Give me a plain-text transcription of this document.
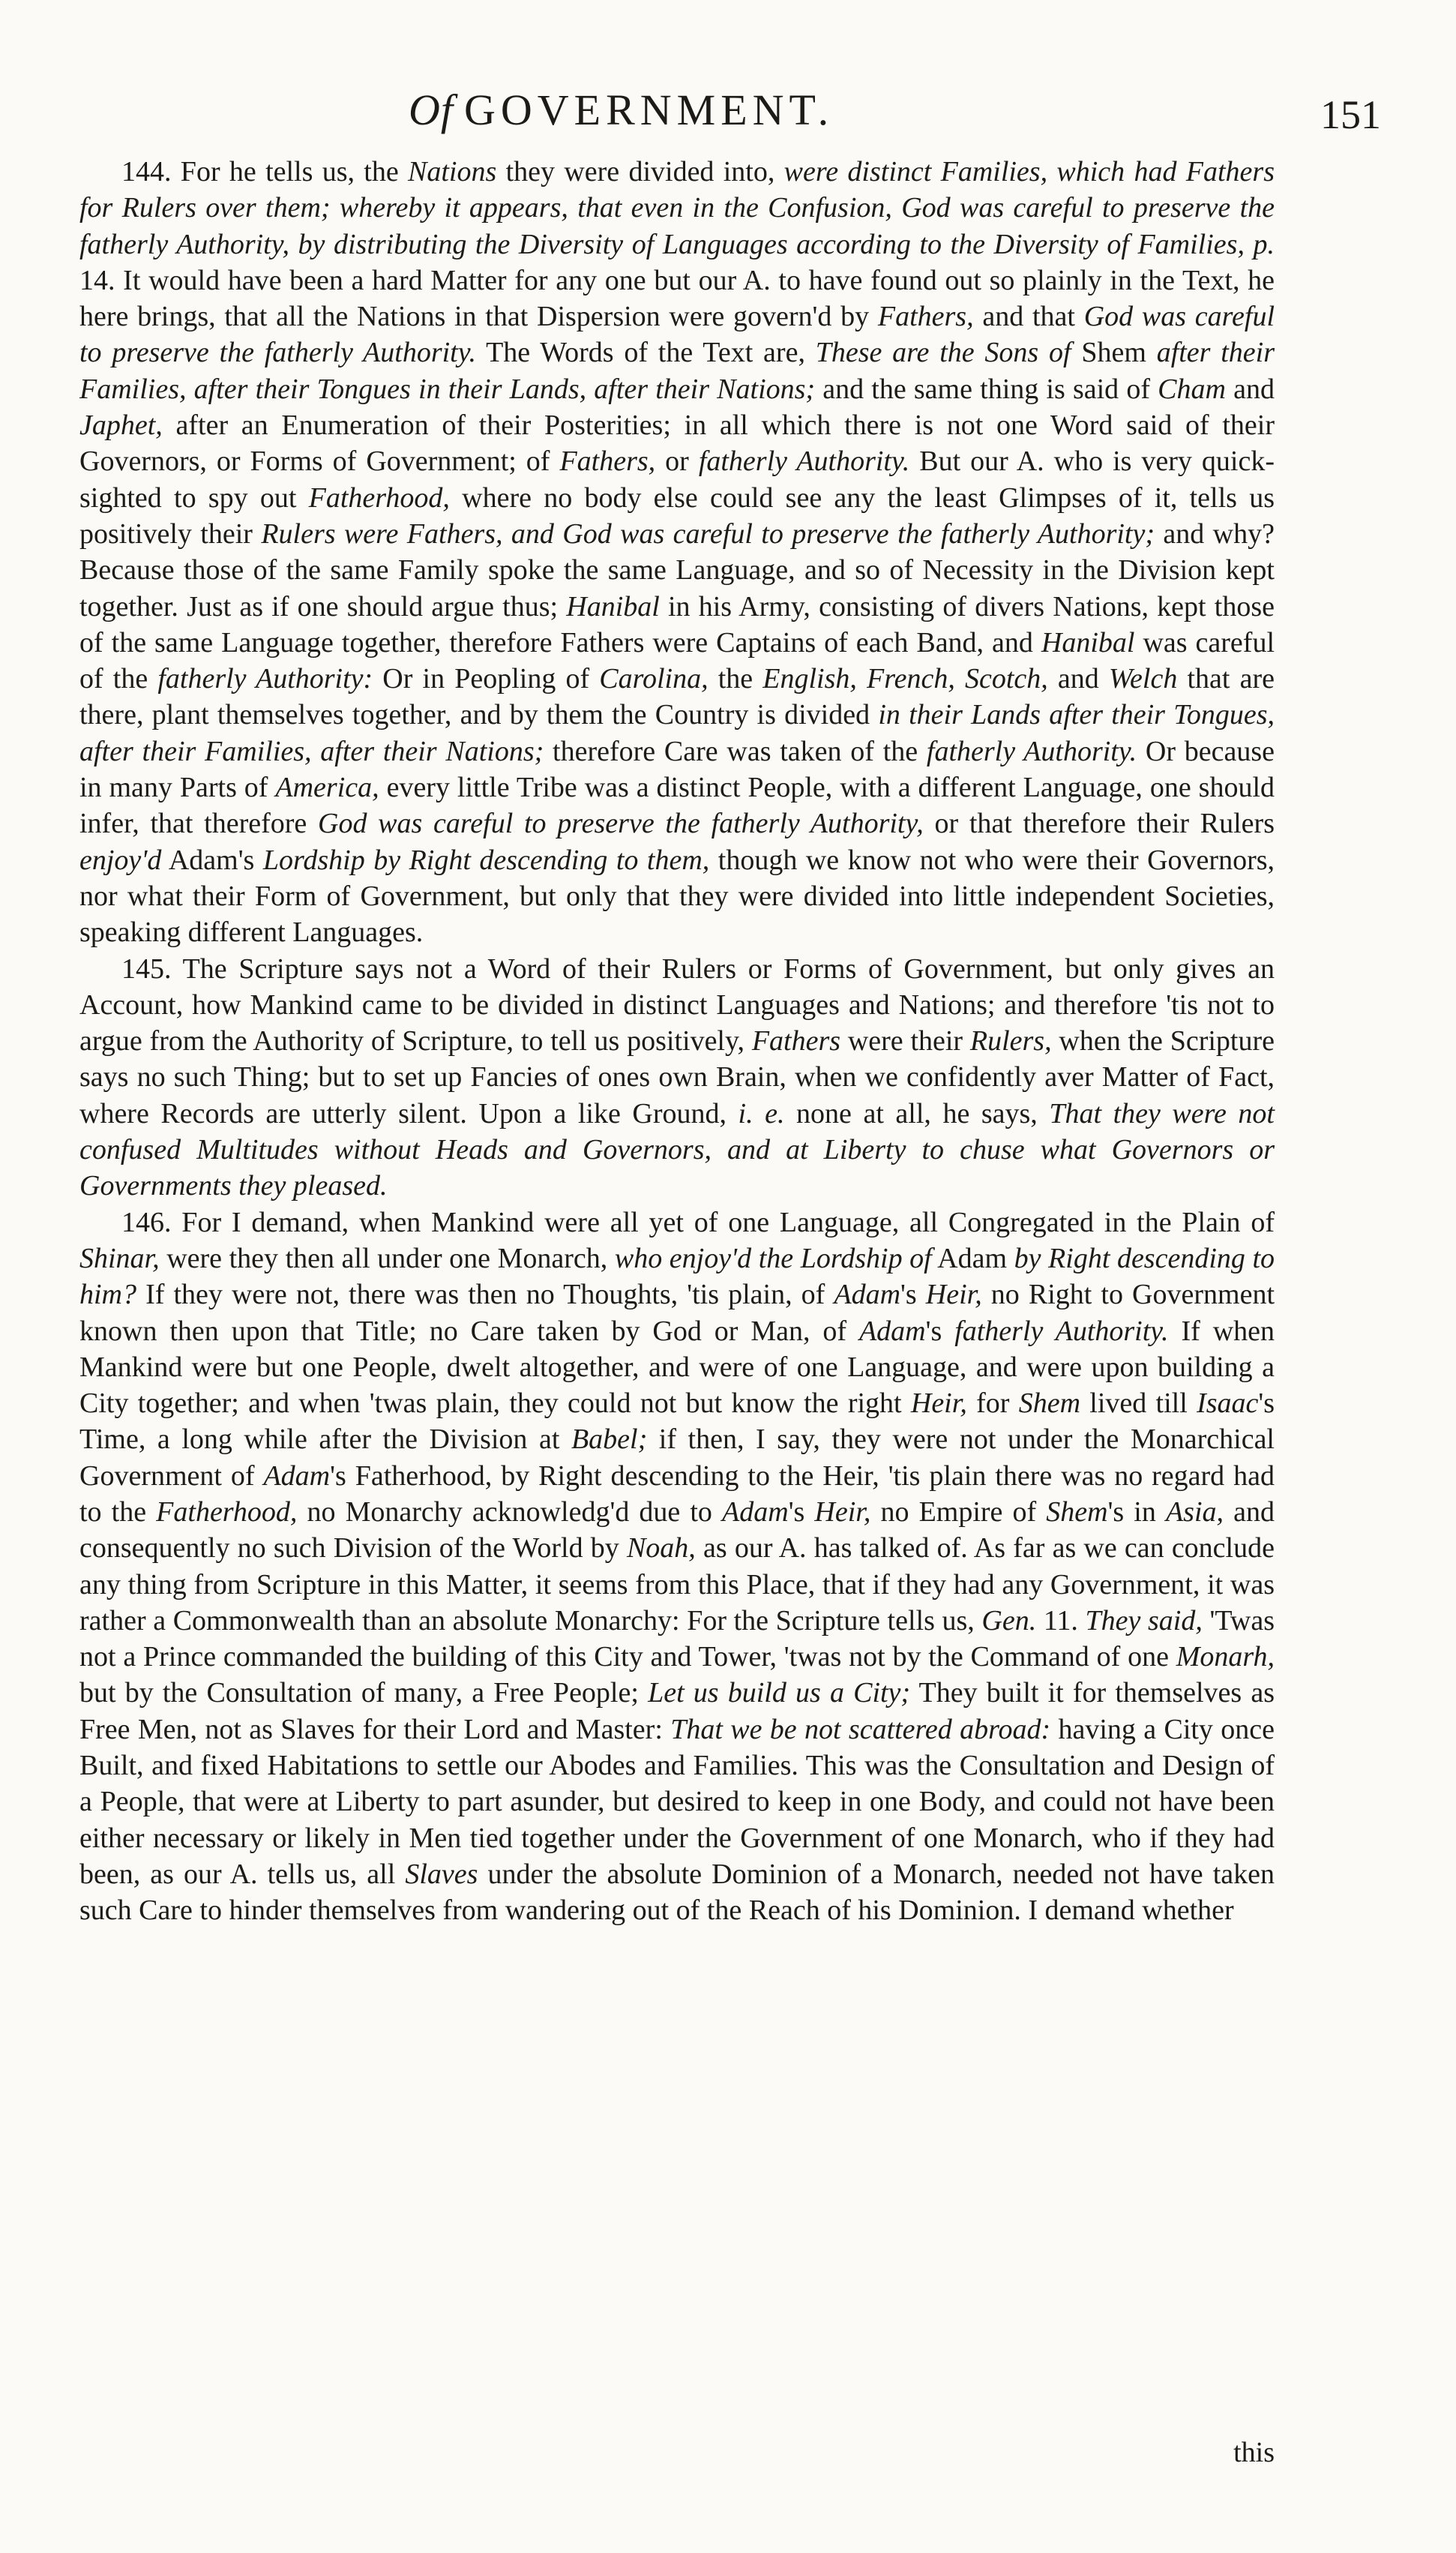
Of GOVERNMENT.	151

144. For he tells us, the Nations they were divided into, were distinct Families, which had Fathers for Rulers over them; whereby it appears, that even in the Confusion, God was careful to preserve the fatherly Authority, by distributing the Diversity of Languages according to the Diversity of Families, p. 14. It would have been a hard Matter for any one but our A. to have found out so plainly in the Text, he here brings, that all the Nations in that Dispersion were govern'd by Fathers, and that God was careful to preserve the fatherly Authority. The Words of the Text are, These are the Sons of Shem after their Families, after their Tongues in their Lands, after their Nations; and the same thing is said of Cham and Japhet, after an Enumeration of their Posterities; in all which there is not one Word said of their Governors, or Forms of Government; of Fathers, or fatherly Authority. But our A. who is very quick-sighted to spy out Fatherhood, where no body else could see any the least Glimpses of it, tells us positively their Rulers were Fathers, and God was careful to preserve the fatherly Authority; and why? Because those of the same Family spoke the same Language, and so of Necessity in the Division kept together. Just as if one should argue thus; Hanibal in his Army, consisting of divers Nations, kept those of the same Language together, therefore Fathers were Captains of each Band, and Hanibal was careful of the fatherly Authority: Or in Peopling of Carolina, the English, French, Scotch, and Welch that are there, plant themselves together, and by them the Country is divided in their Lands after their Tongues, after their Families, after their Nations; therefore Care was taken of the fatherly Authority. Or because in many Parts of America, every little Tribe was a distinct People, with a different Language, one should infer, that therefore God was careful to preserve the fatherly Authority, or that therefore their Rulers enjoy'd Adam's Lordship by Right descending to them, though we know not who were their Governors, nor what their Form of Government, but only that they were divided into little independent Societies, speaking different Languages.

145. The Scripture says not a Word of their Rulers or Forms of Government, but only gives an Account, how Mankind came to be divided in distinct Languages and Nations; and therefore 'tis not to argue from the Authority of Scripture, to tell us positively, Fathers were their Rulers, when the Scripture says no such Thing; but to set up Fancies of ones own Brain, when we confidently aver Matter of Fact, where Records are utterly silent. Upon a like Ground, i. e. none at all, he says, That they were not confused Multitudes without Heads and Governors, and at Liberty to chuse what Governors or Governments they pleased.

146. For I demand, when Mankind were all yet of one Language, all Congregated in the Plain of Shinar, were they then all under one Monarch, who enjoy'd the Lordship of Adam by Right descending to him? If they were not, there was then no Thoughts, 'tis plain, of Adam's Heir, no Right to Government known then upon that Title; no Care taken by God or Man, of Adam's fatherly Authority. If when Mankind were but one People, dwelt altogether, and were of one Language, and were upon building a City together; and when 'twas plain, they could not but know the right Heir, for Shem lived till Isaac's Time, a long while after the Division at Babel; if then, I say, they were not under the Monarchical Government of Adam's Fatherhood, by Right descending to the Heir, 'tis plain there was no regard had to the Fatherhood, no Monarchy acknowledg'd due to Adam's Heir, no Empire of Shem's in Asia, and consequently no such Division of the World by Noah, as our A. has talked of. As far as we can conclude any thing from Scripture in this Matter, it seems from this Place, that if they had any Government, it was rather a Commonwealth than an absolute Monarchy: For the Scripture tells us, Gen. 11. They said, 'Twas not a Prince commanded the building of this City and Tower, 'twas not by the Command of one Monarh, but by the Consultation of many, a Free People; Let us build us a City; They built it for themselves as Free Men, not as Slaves for their Lord and Master: That we be not scattered abroad: having a City once Built, and fixed Habitations to settle our Abodes and Families. This was the Consultation and Design of a People, that were at Liberty to part asunder, but desired to keep in one Body, and could not have been either necessary or likely in Men tied together under the Government of one Monarch, who if they had been, as our A. tells us, all Slaves under the absolute Dominion of a Monarch, needed not have taken such Care to hinder themselves from wandering out of the Reach of his Dominion. I demand whether

this
